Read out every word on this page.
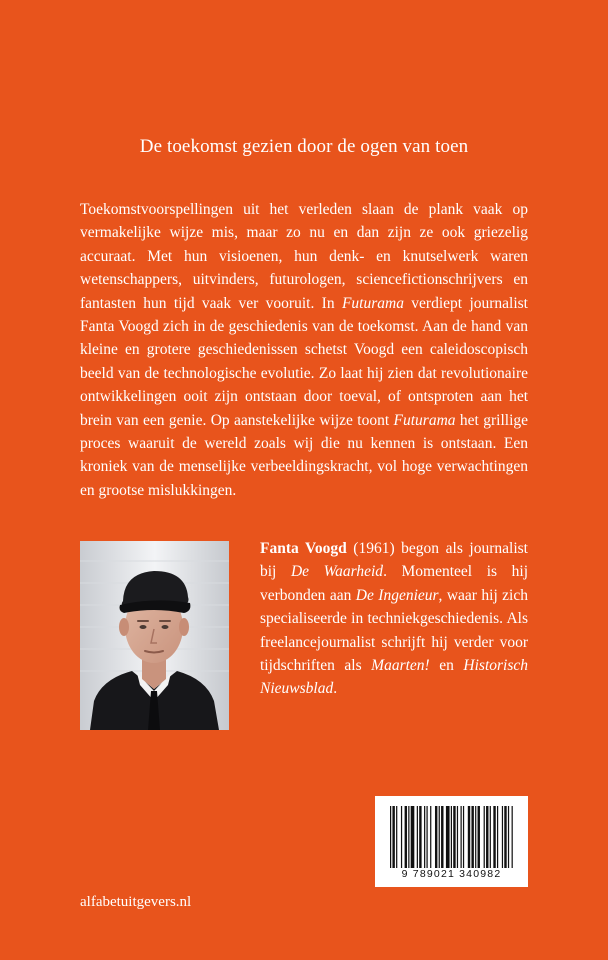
De toekomst gezien door de ogen van toen

Toekomstvoorspellingen uit het verleden slaan de plank vaak op vermakelijke wijze mis, maar zo nu en dan zijn ze ook griezelig accuraat. Met hun visioenen, hun denk- en knutselwerk waren wetenschappers, uitvinders, futurologen, sciencefictionschrijvers en fantasten hun tijd vaak ver vooruit. In Futurama verdiept journalist Fanta Voogd zich in de geschiedenis van de toekomst. Aan de hand van kleine en grotere geschiedenissen schetst Voogd een caleidoscopisch beeld van de technologische evolutie. Zo laat hij zien dat revolutionaire ontwikkelingen ooit zijn ontstaan door toeval, of ontsproten aan het brein van een genie. Op aanstekelijke wijze toont Futurama het grillige proces waaruit de wereld zoals wij die nu kennen is ontstaan. Een kroniek van de menselijke verbeeldingskracht, vol hoge verwachtingen en grootse mislukkingen.

Fanta Voogd (1961) begon als journalist bij De Waarheid. Momenteel is hij verbonden aan De Ingenieur, waar hij zich specialiseerde in techniekgeschiedenis. Als freelancejournalist schrijft hij verder voor tijdschriften als Maarten! en Historisch Nieuwsblad.

9 789021 340982
alfabetuitgevers.nl
